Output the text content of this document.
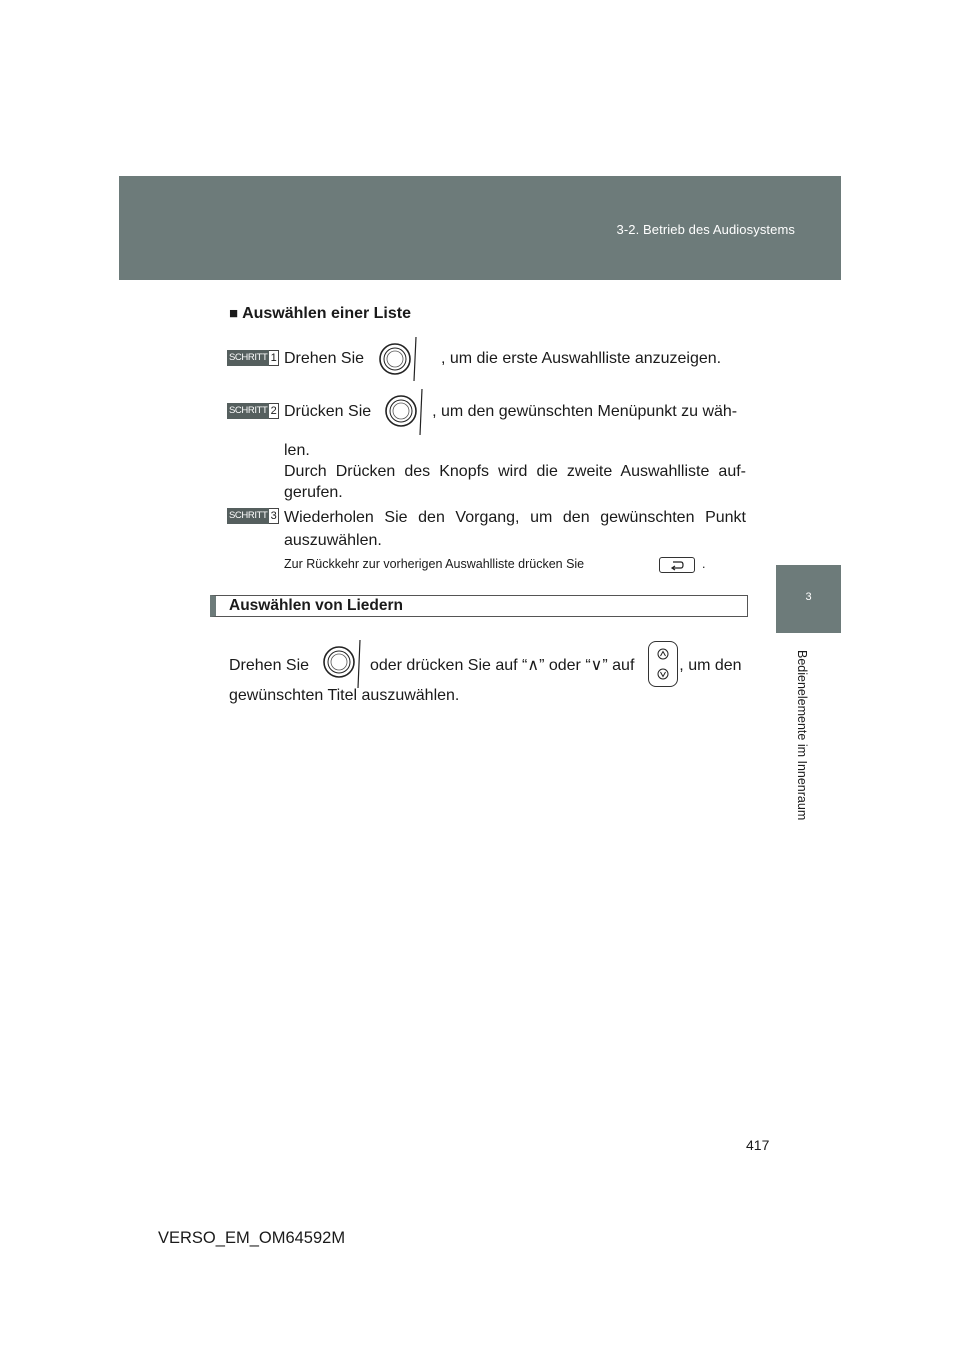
3-2. Betrieb des Audiosystems
3
Bedienelemente im Innenraum
■ Auswählen einer Liste
SCHRITT 1 Drehen Sie	, um die erste Auswahlliste anzuzeigen.
SCHRITT 2 Drücken Sie	, um den gewünschten Menüpunkt zu wäh-
len.
Durch Drücken des Knopfs wird die zweite Auswahlliste auf-
gerufen.
SCHRITT 3 Wiederholen Sie den Vorgang, um den gewünschten Punkt
auszuwählen.
Zur Rückkehr zur vorherigen Auswahlliste drücken Sie	.
Auswählen von Liedern
Drehen Sie	oder drücken Sie auf “∧” oder “∨” auf	, um den
gewünschten Titel auszuwählen.
417
VERSO_EM_OM64592M
